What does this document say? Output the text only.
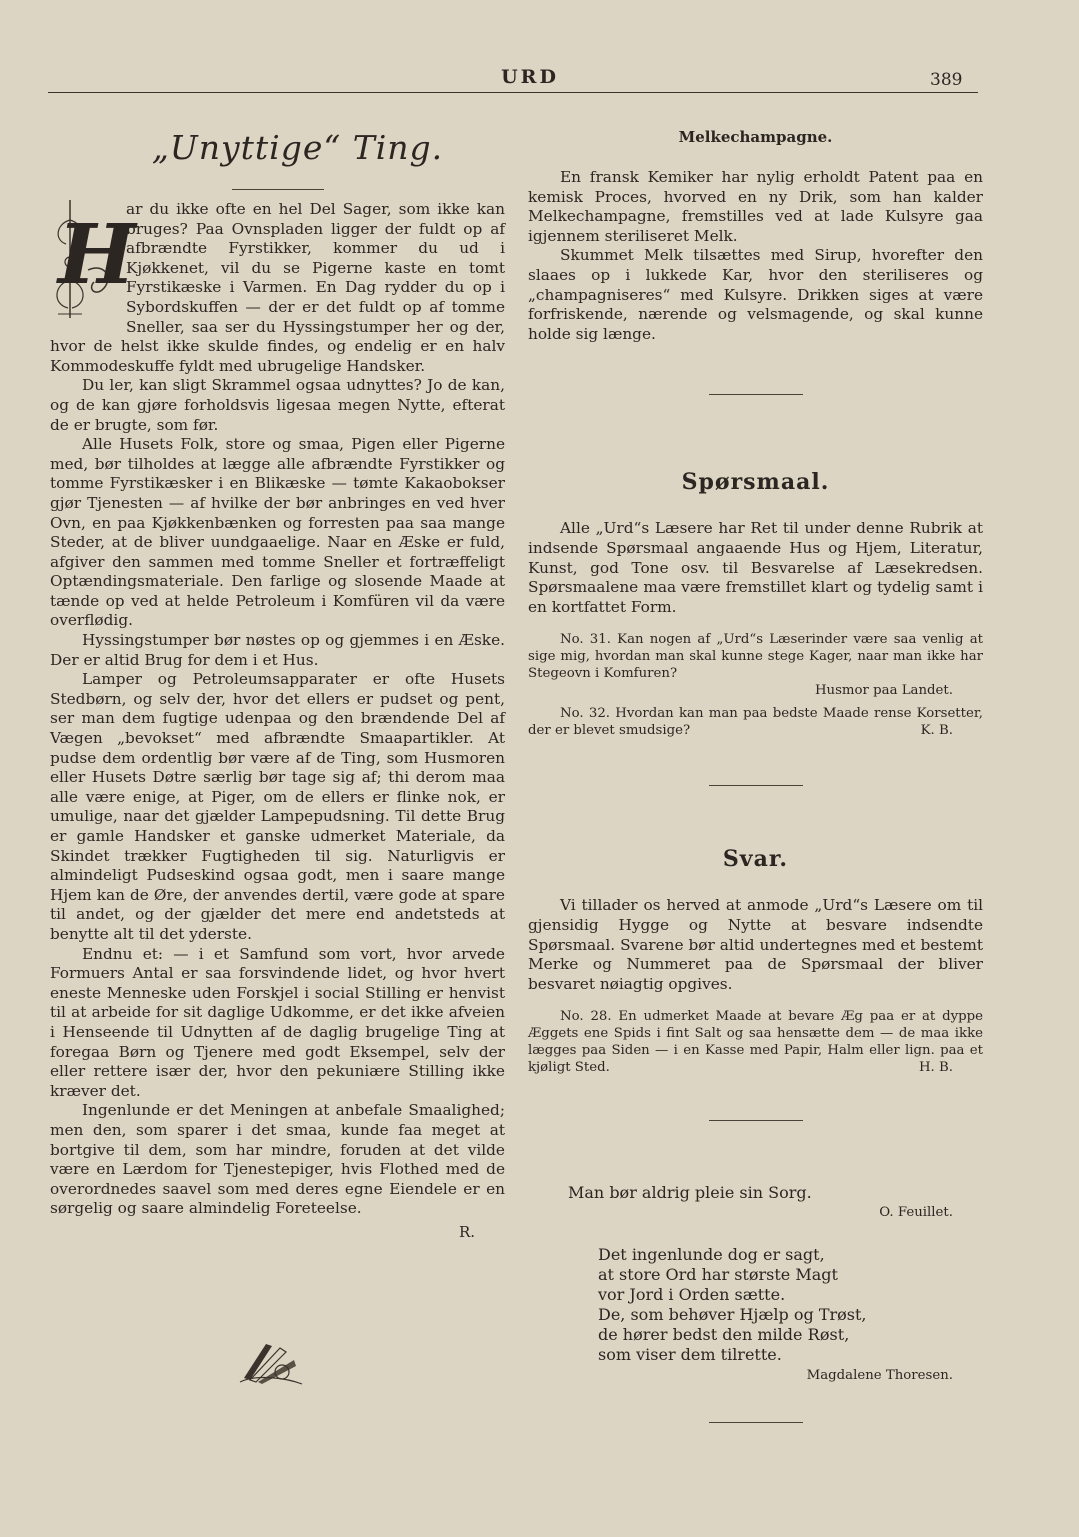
URD	389
„Unyttige“ Ting.
H

ar du ikke ofte en hel Del Sager, som ikke kan bruges? Paa Ovnspladen ligger der fuldt op af afbrændte Fyrstikker, kommer du ud i Kjøkkenet, vil du se Pigerne kaste en tomt Fyrstikæske i Varmen. En Dag rydder du op i Sybordskuffen — der er det fuldt op af tomme Sneller, saa ser du Hyssingstumper her og der, hvor de helst ikke skulde findes, og endelig er en halv Kommodeskuffe fyldt med ubrugelige Handsker.

Du ler, kan sligt Skrammel ogsaa udnyttes? Jo de kan, og de kan gjøre forholdsvis ligesaa megen Nytte, efterat de er brugte, som før.

Alle Husets Folk, store og smaa, Pigen eller Pigerne med, bør tilholdes at lægge alle afbrændte Fyrstikker og tomme Fyrstikæsker i en Blikæske — tømte Kakaobokser gjør Tjenesten — af hvilke der bør anbringes en ved hver Ovn, en paa Kjøkkenbænken og forresten paa saa mange Steder, at de bliver uundgaaelige. Naar en Æske er fuld, afgiver den sammen med tomme Sneller et fortræffeligt Optændingsmateriale. Den farlige og slosende Maade at tænde op ved at helde Petroleum i Komfüren vil da være overflødig.

Hyssingstumper bør nøstes op og gjemmes i en Æske. Der er altid Brug for dem i et Hus.

Lamper og Petroleumsapparater er ofte Husets Stedbørn, og selv der, hvor det ellers er pudset og pent, ser man dem fugtige udenpaa og den brændende Del af Vægen „bevokset“ med afbrændte Smaapartikler. At pudse dem ordentlig bør være af de Ting, som Husmoren eller Husets Døtre særlig bør tage sig af; thi derom maa alle være enige, at Piger, om de ellers er flinke nok, er umulige, naar det gjælder Lampepudsning. Til dette Brug er gamle Handsker et ganske udmerket Materiale, da Skindet trækker Fugtigheden til sig. Naturligvis er almindeligt Pudseskind ogsaa godt, men i saare mange Hjem kan de Øre, der anvendes dertil, være gode at spare til andet, og der gjælder det mere end andetsteds at benytte alt til det yderste.

Endnu et: — i et Samfund som vort, hvor arvede Formuers Antal er saa forsvindende lidet, og hvor hvert eneste Menneske uden Forskjel i social Stilling er henvist til at arbeide for sit daglige Udkomme, er det ikke afveien i Henseende til Udnytten af de daglig brugelige Ting at foregaa Børn og Tjenere med godt Eksempel, selv der eller rettere især der, hvor den pekuniære Stilling ikke kræver det.

Ingenlunde er det Meningen at anbefale Smaalighed; men den, som sparer i det smaa, kunde faa meget at bortgive til dem, som har mindre, foruden at det vilde være en Lærdom for Tjenestepiger, hvis Flothed med de overordnedes saavel som med deres egne Eiendele er en sørgelig og saare almindelig Foreteelse.

R.
Melkechampagne.

En fransk Kemiker har nylig erholdt Patent paa en kemisk Proces, hvorved en ny Drik, som han kalder Melkechampagne, fremstilles ved at lade Kulsyre gaa igjennem steriliseret Melk.

Skummet Melk tilsættes med Sirup, hvorefter den slaaes op i lukkede Kar, hvor den steriliseres og „champagniseres“ med Kulsyre. Drikken siges at være forfriskende, nærende og velsmagende, og skal kunne holde sig længe.

Spørsmaal.

Alle „Urd“s Læsere har Ret til under denne Rubrik at indsende Spørsmaal angaaende Hus og Hjem, Literatur, Kunst, god Tone osv. til Besvarelse af Læsekredsen. Spørsmaalene maa være fremstillet klart og tydelig samt i en kortfattet Form.

No. 31. Kan nogen af „Urd“s Læserinder være saa venlig at sige mig, hvordan man skal kunne stege Kager, naar man ikke har Stegeovn i Komfuren?

Husmor paa Landet.

No. 32. Hvordan kan man paa bedste Maade rense Korsetter, der er blevet smudsige?	K. B.
Svar.

Vi tillader os herved at anmode „Urd“s Læsere om til gjensidig Hygge og Nytte at besvare indsendte Spørsmaal. Svarene bør altid undertegnes med et bestemt Merke og Nummeret paa de Spørsmaal der bliver besvaret nøiagtig opgives.

No. 28. En udmerket Maade at bevare Æg paa er at dyppe Æggets ene Spids i fint Salt og saa hensætte dem — de maa ikke lægges paa Siden — i en Kasse med Papir, Halm eller lign. paa et kjøligt Sted.	H. B.
Man bør aldrig pleie sin Sorg.
O. Feuillet.
Det ingenlunde dog er sagt,
at store Ord har største Magt
vor Jord i Orden sætte.
De, som behøver Hjælp og Trøst,
de hører bedst den milde Røst,
som viser dem tilrette.
Magdalene Thoresen.
